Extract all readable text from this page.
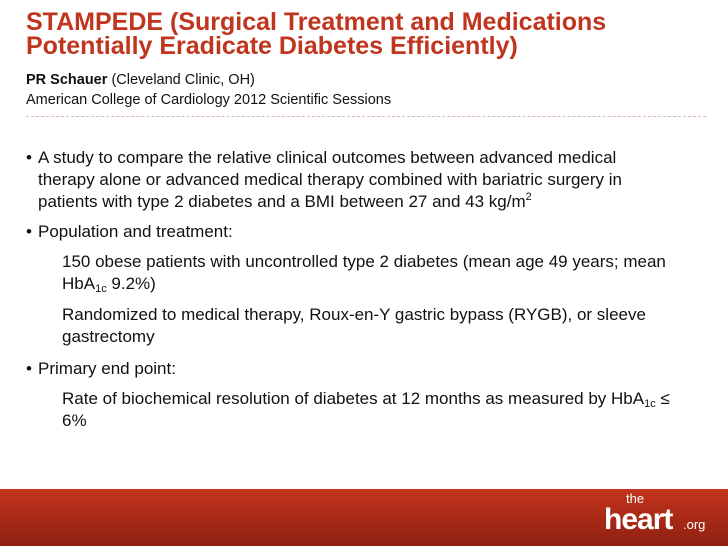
STAMPEDE (Surgical Treatment and Medications
Potentially Eradicate Diabetes Efficiently)
PR Schauer (Cleveland Clinic, OH)
American College of Cardiology 2012 Scientific Sessions
• A study to compare the relative clinical outcomes between advanced medical therapy alone or advanced medical therapy combined with bariatric surgery in patients with type 2 diabetes and a BMI between 27 and 43 $kg/m^2$
• Population and treatment:

150 obese patients with uncontrolled type 2 diabetes (mean age 49 years; mean HbA$_{1c}$ 9.2%)

Randomized to medical therapy, Roux-en-Y gastric bypass (RYGB), or sleeve gastrectomy

• Primary end point:

Rate of biochemical resolution of diabetes at 12 months as measured by HbA$_{1c}$ ≤ 6%

the
heart .org
